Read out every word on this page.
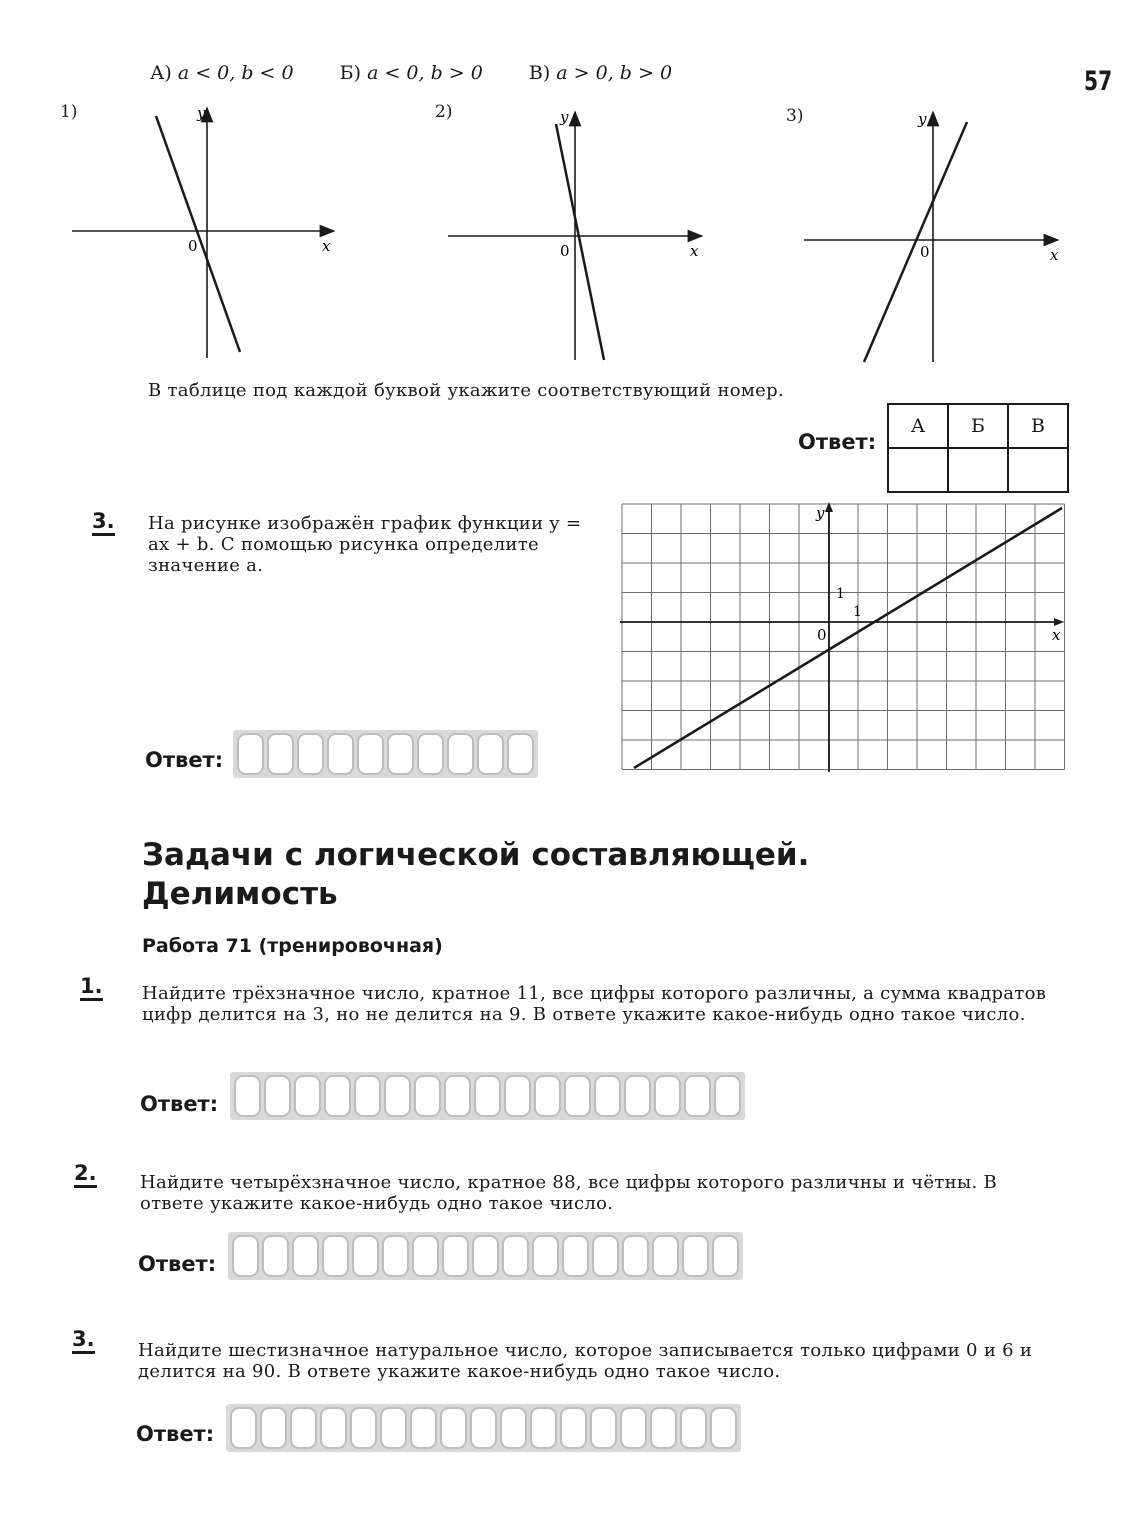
57
А) a < 0, b < 0 Б) a < 0, b > 0 В) a > 0, b > 0
1)	y
x
0
2)	y
x
0
3)	y
x
0
В таблице под каждой буквой укажите соответствующий номер.
Ответ:
А	Б	В

3. На рисунке изображён график функции y = ax + b. С помощью рисунка определите значение a.
Ответ:
y
x
0
1
1
Задачи с логической составляющей.
Делимость
Работа 71 (тренировочная)
1. Найдите трёхзначное число, кратное 11, все цифры которого различны, а сумма квадратов цифр делится на 3, но не делится на 9. В ответе укажите какое-нибудь одно такое число.
Ответ:
2. Найдите четырёхзначное число, кратное 88, все цифры которого различны и чётны. В ответе укажите какое-нибудь одно такое число.
Ответ:
3. Найдите шестизначное натуральное число, которое записывается только цифрами 0 и 6 и делится на 90. В ответе укажите какое-нибудь одно такое число.
Ответ:
